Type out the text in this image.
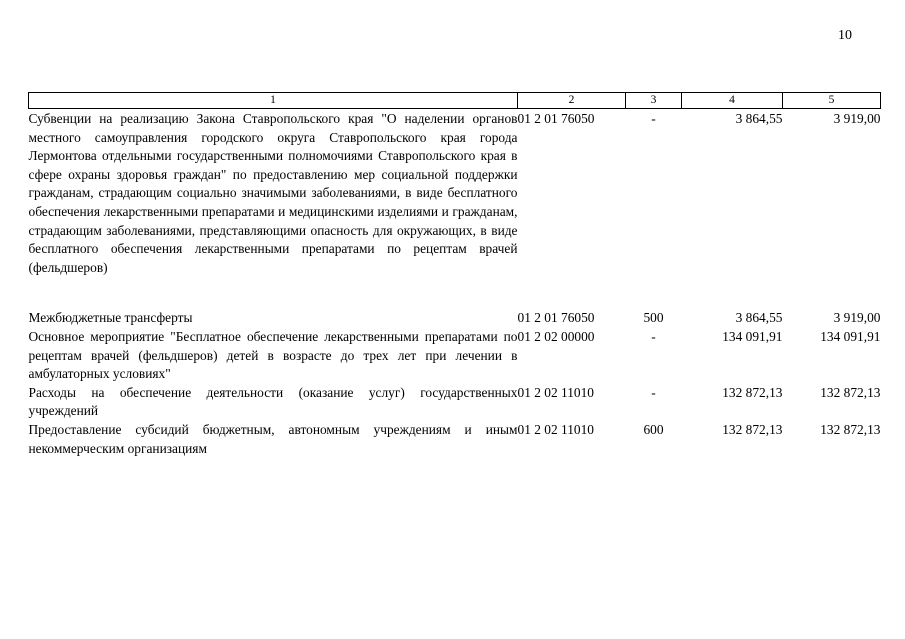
10
1	2	3	4	5
Субвенции на реализацию Закона Ставропольского края "О наделении органов местного самоуправления городского округа Ставропольского края города Лермонтова отдельными государственными полномочиями Ставропольского края в сфере охраны здоровья граждан" по предоставлению мер социальной поддержки гражданам, страдающим социально значимыми заболеваниями, в виде бесплатного обеспечения лекарственными препаратами и медицинскими изделиями и гражданам, страдающим заболеваниями, представляющими опасность для окружающих, в виде бесплатного обеспечения лекарственными препаратами по рецептам врачей (фельдшеров)	01 2 01 76050	-	3 864,55	3 919,00

Межбюджетные трансферты	01 2 01 76050	500	3 864,55	3 919,00
Основное мероприятие "Бесплатное обеспечение лекарственными препаратами по рецептам врачей (фельдшеров) детей в возрасте до трех лет при лечении в амбулаторных условиях"	01 2 02 00000	-	134 091,91	134 091,91
Расходы на обеспечение деятельности (оказание услуг) государственных учреждений	01 2 02 11010	-	132 872,13	132 872,13
Предоставление субсидий бюджетным, автономным учреждениям и иным некоммерческим организациям	01 2 02 11010	600	132 872,13	132 872,13
